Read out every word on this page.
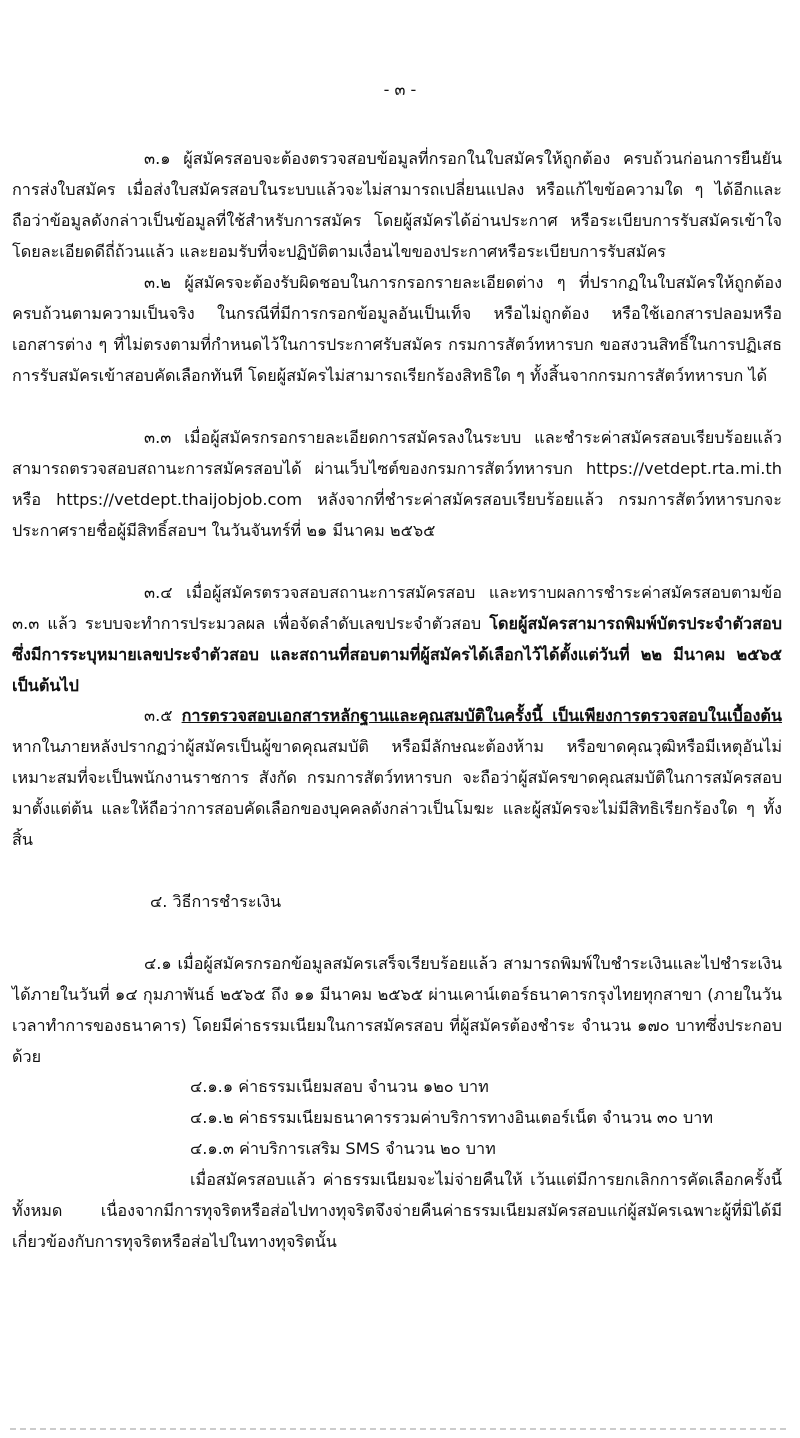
- ๓ -

๓.๑ ผู้สมัครสอบจะต้องตรวจสอบข้อมูลที่กรอกในใบสมัครให้ถูกต้อง ครบถ้วนก่อนการยืนยันการส่งใบสมัคร เมื่อส่งใบสมัครสอบในระบบแล้วจะไม่สามารถเปลี่ยนแปลง หรือแก้ไขข้อความใด ๆ ได้อีกและถือว่าข้อมูลดังกล่าวเป็นข้อมูลที่ใช้สำหรับการสมัคร โดยผู้สมัครได้อ่านประกาศ หรือระเบียบการรับสมัครเข้าใจโดยละเอียดดีถี่ถ้วนแล้ว และยอมรับที่จะปฏิบัติตามเงื่อนไขของประกาศหรือระเบียบการรับสมัคร

๓.๒ ผู้สมัครจะต้องรับผิดชอบในการกรอกรายละเอียดต่าง ๆ ที่ปรากฏในใบสมัครให้ถูกต้องครบถ้วนตามความเป็นจริง ในกรณีที่มีการกรอกข้อมูลอันเป็นเท็จ หรือไม่ถูกต้อง หรือใช้เอกสารปลอมหรือเอกสารต่าง ๆ ที่ไม่ตรงตามที่กำหนดไว้ในการประกาศรับสมัคร กรมการสัตว์ทหารบก ขอสงวนสิทธิ์ในการปฏิเสธการรับสมัครเข้าสอบคัดเลือกทันที โดยผู้สมัครไม่สามารถเรียกร้องสิทธิใด ๆ ทั้งสิ้นจากกรมการสัตว์ทหารบก ได้

๓.๓ เมื่อผู้สมัครกรอกรายละเอียดการสมัครลงในระบบ และชำระค่าสมัครสอบเรียบร้อยแล้วสามารถตรวจสอบสถานะการสมัครสอบได้ ผ่านเว็บไซต์ของกรมการสัตว์ทหารบก https://vetdept.rta.mi.th หรือ https://vetdept.thaijobjob.com หลังจากที่ชำระค่าสมัครสอบเรียบร้อยแล้ว กรมการสัตว์ทหารบกจะประกาศรายชื่อผู้มีสิทธิ์สอบฯ ในวันจันทร์ที่ ๒๑ มีนาคม ๒๕๖๕

๓.๔ เมื่อผู้สมัครตรวจสอบสถานะการสมัครสอบ และทราบผลการชำระค่าสมัครสอบตามข้อ ๓.๓ แล้ว ระบบจะทำการประมวลผล เพื่อจัดลำดับเลขประจำตัวสอบ โดยผู้สมัครสามารถพิมพ์บัตรประจำตัวสอบ ซึ่งมีการระบุหมายเลขประจำตัวสอบ และสถานที่สอบตามที่ผู้สมัครได้เลือกไว้ได้ตั้งแต่วันที่ ๒๒ มีนาคม ๒๕๖๕ เป็นต้นไป

๓.๕ การตรวจสอบเอกสารหลักฐานและคุณสมบัติในครั้งนี้ เป็นเพียงการตรวจสอบในเบื้องต้น หากในภายหลังปรากฏว่าผู้สมัครเป็นผู้ขาดคุณสมบัติ หรือมีลักษณะต้องห้าม หรือขาดคุณวุฒิหรือมีเหตุอันไม่เหมาะสมที่จะเป็นพนักงานราชการ สังกัด กรมการสัตว์ทหารบก จะถือว่าผู้สมัครขาดคุณสมบัติในการสมัครสอบมาตั้งแต่ต้น และให้ถือว่าการสอบคัดเลือกของบุคคลดังกล่าวเป็นโมฆะ และผู้สมัครจะไม่มีสิทธิเรียกร้องใด ๆ ทั้งสิ้น

๔. วิธีการชำระเงิน

๔.๑ เมื่อผู้สมัครกรอกข้อมูลสมัครเสร็จเรียบร้อยแล้ว สามารถพิมพ์ใบชำระเงินและไปชำระเงินได้ภายในวันที่ ๑๔ กุมภาพันธ์ ๒๕๖๕ ถึง ๑๑ มีนาคม ๒๕๖๕ ผ่านเคาน์เตอร์ธนาคารกรุงไทยทุกสาขา (ภายในวันเวลาทำการของธนาคาร) โดยมีค่าธรรมเนียมในการสมัครสอบ ที่ผู้สมัครต้องชำระ จำนวน ๑๗๐ บาทซึ่งประกอบด้วย

๔.๑.๑ ค่าธรรมเนียมสอบ จำนวน ๑๒๐ บาท
๔.๑.๒ ค่าธรรมเนียมธนาคารรวมค่าบริการทางอินเตอร์เน็ต จำนวน ๓๐ บาท
๔.๑.๓ ค่าบริการเสริม SMS จำนวน ๒๐ บาท

เมื่อสมัครสอบแล้ว ค่าธรรมเนียมจะไม่จ่ายคืนให้ เว้นแต่มีการยกเลิกการคัดเลือกครั้งนี้ทั้งหมด เนื่องจากมีการทุจริตหรือส่อไปทางทุจริตจึงจ่ายคืนค่าธรรมเนียมสมัครสอบแก่ผู้สมัครเฉพาะผู้ที่มิได้มีเกี่ยวข้องกับการทุจริตหรือส่อไปในทางทุจริตนั้น
